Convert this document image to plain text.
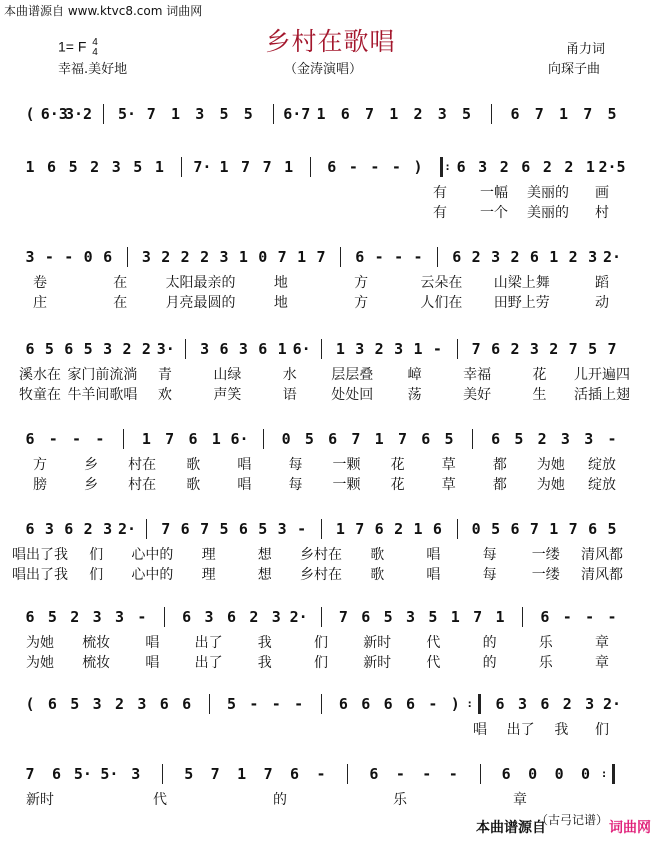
本曲谱源自 www.ktvc8.com 词曲网
乡村在歌唱
1= F 4
4
幸福.美好地	（金涛演唱）
甬力词
向琛子曲
( 6·3
3·2 5· 7 1 3 5 5 6·7 1 6 7 1 2 3 5	6 7 1 7 5
1 6 5 2 3 5 1 7· 1 7 7 1 6 - - - ) : 6 3 2 6 2 2 1 2·5
有 一幅 美丽的 画
有 一个 美丽的 村
3 - - 0 6 3 2 2 2 3 1 0 7 1 7 6 - - - 6 2 3 2 6 1 2 3 2·
卷	在	太阳最亲的	地	方	云朵在 山梁上舞	蹈
庄	在	月亮最圆的	地	方	人们在 田野上劳	动
6 5 6 5 3 2 2 3· 3 6 3 6 1 6· 1 3 2 3 1 - 7 6 2 3 2 7 5 7
溪水在 家门前流淌 青	山绿	水 层层叠 嶂	幸福	花 儿开遍四
牧童在 牛羊间歌唱 欢	声笑	语 处处回 荡	美好	生 活插上翅
6 - - -	1 7 6 1 6· 0 5 6 7 1 7 6 5	6 5 2 3 3 -
方	乡 村在 歌	唱	每 一颗 花	草	都 为她 绽放
膀	乡 村在 歌	唱	每 一颗 花	草	都 为她 绽放
6 3 6 2 3 2· 7 6 7 5 6 5 3 - 1 7 6 2 1 6 0 5 6 7 1 7 6 5
唱出了我 们 心中的 理	想 乡村在 歌	唱	每	一缕 清风都
唱出了我 们 心中的 理	想 乡村在 歌	唱	每	一缕 清风都
6 5 2 3 3 - 6 3 6 2 3 2· 7 6 5 3 5 1 7 1 6 - - -
为她 梳妆	唱	出了	我	们	新时	代	的	乐	章
为她 梳妆	唱	出了	我	们	新时	代	的	乐	章
( 6 5 3 2 3 6 6 5 - - - 6 6 6 6 - ) : 6 3 6 2 3 2·
唱 出了 我 们
7 6 5· 5· 3	5 7 1 7 6 -	6 - - -	6 0 0 0 :
新时	代	的	乐	章
（古弓记谱）
本曲谱源自	词曲网
